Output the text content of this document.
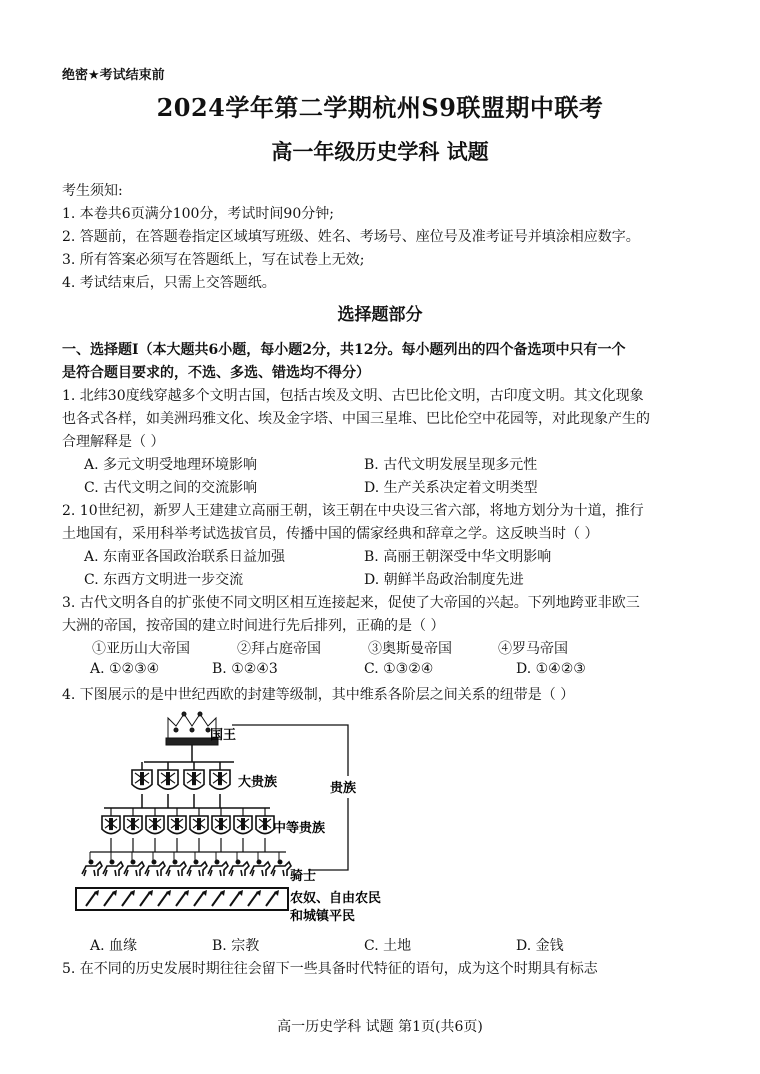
绝密★考试结束前
2024学年第二学期杭州S9联盟期中联考
高一年级历史学科 试题
考生须知:
1. 本卷共6页满分100分，考试时间90分钟;
2. 答题前，在答题卷指定区域填写班级、姓名、考场号、座位号及准考证号并填涂相应数字。
3. 所有答案必须写在答题纸上，写在试卷上无效;
4. 考试结束后，只需上交答题纸。
选择题部分
一、选择题Ⅰ（本大题共6小题，每小题2分，共12分。每小题列出的四个备选项中只有一个
是符合题目要求的，不选、多选、错选均不得分）
1. 北纬30度线穿越多个文明古国，包括古埃及文明、古巴比伦文明，古印度文明。其文化现象
也各式各样，如美洲玛雅文化、埃及金字塔、中国三星堆、巴比伦空中花园等，对此现象产生的
合理解释是（ ）
A. 多元文明受地理环境影响	B. 古代文明发展呈现多元性
C. 古代文明之间的交流影响	D. 生产关系决定着文明类型
2. 10世纪初，新罗人王建建立高丽王朝，该王朝在中央设三省六部，将地方划分为十道，推行
土地国有，采用科举考试选拔官员，传播中国的儒家经典和辞章之学。这反映当时（ ）
A. 东南亚各国政治联系日益加强	B. 高丽王朝深受中华文明影响
C. 东西方文明进一步交流	D. 朝鲜半岛政治制度先进
3. 古代文明各自的扩张使不同文明区相互连接起来，促使了大帝国的兴起。下列地跨亚非欧三
大洲的帝国，按帝国的建立时间进行先后排列，正确的是（ ）
①亚历山大帝国	②拜占庭帝国	③奥斯曼帝国	④罗马帝国
A. ①②③④	B. ①②④3	C. ①③②④	D. ①④②③
4. 下图展示的是中世纪西欧的封建等级制，其中维系各阶层之间关系的纽带是（ ）
国王
大贵族
中等贵族
骑士
农奴、自由农民
和城镇平民
贵族
A. 血缘	B. 宗教	C. 土地	D. 金钱
5. 在不同的历史发展时期往往会留下一些具备时代特征的语句，成为这个时期具有标志
高一历史学科 试题 第1页(共6页)
